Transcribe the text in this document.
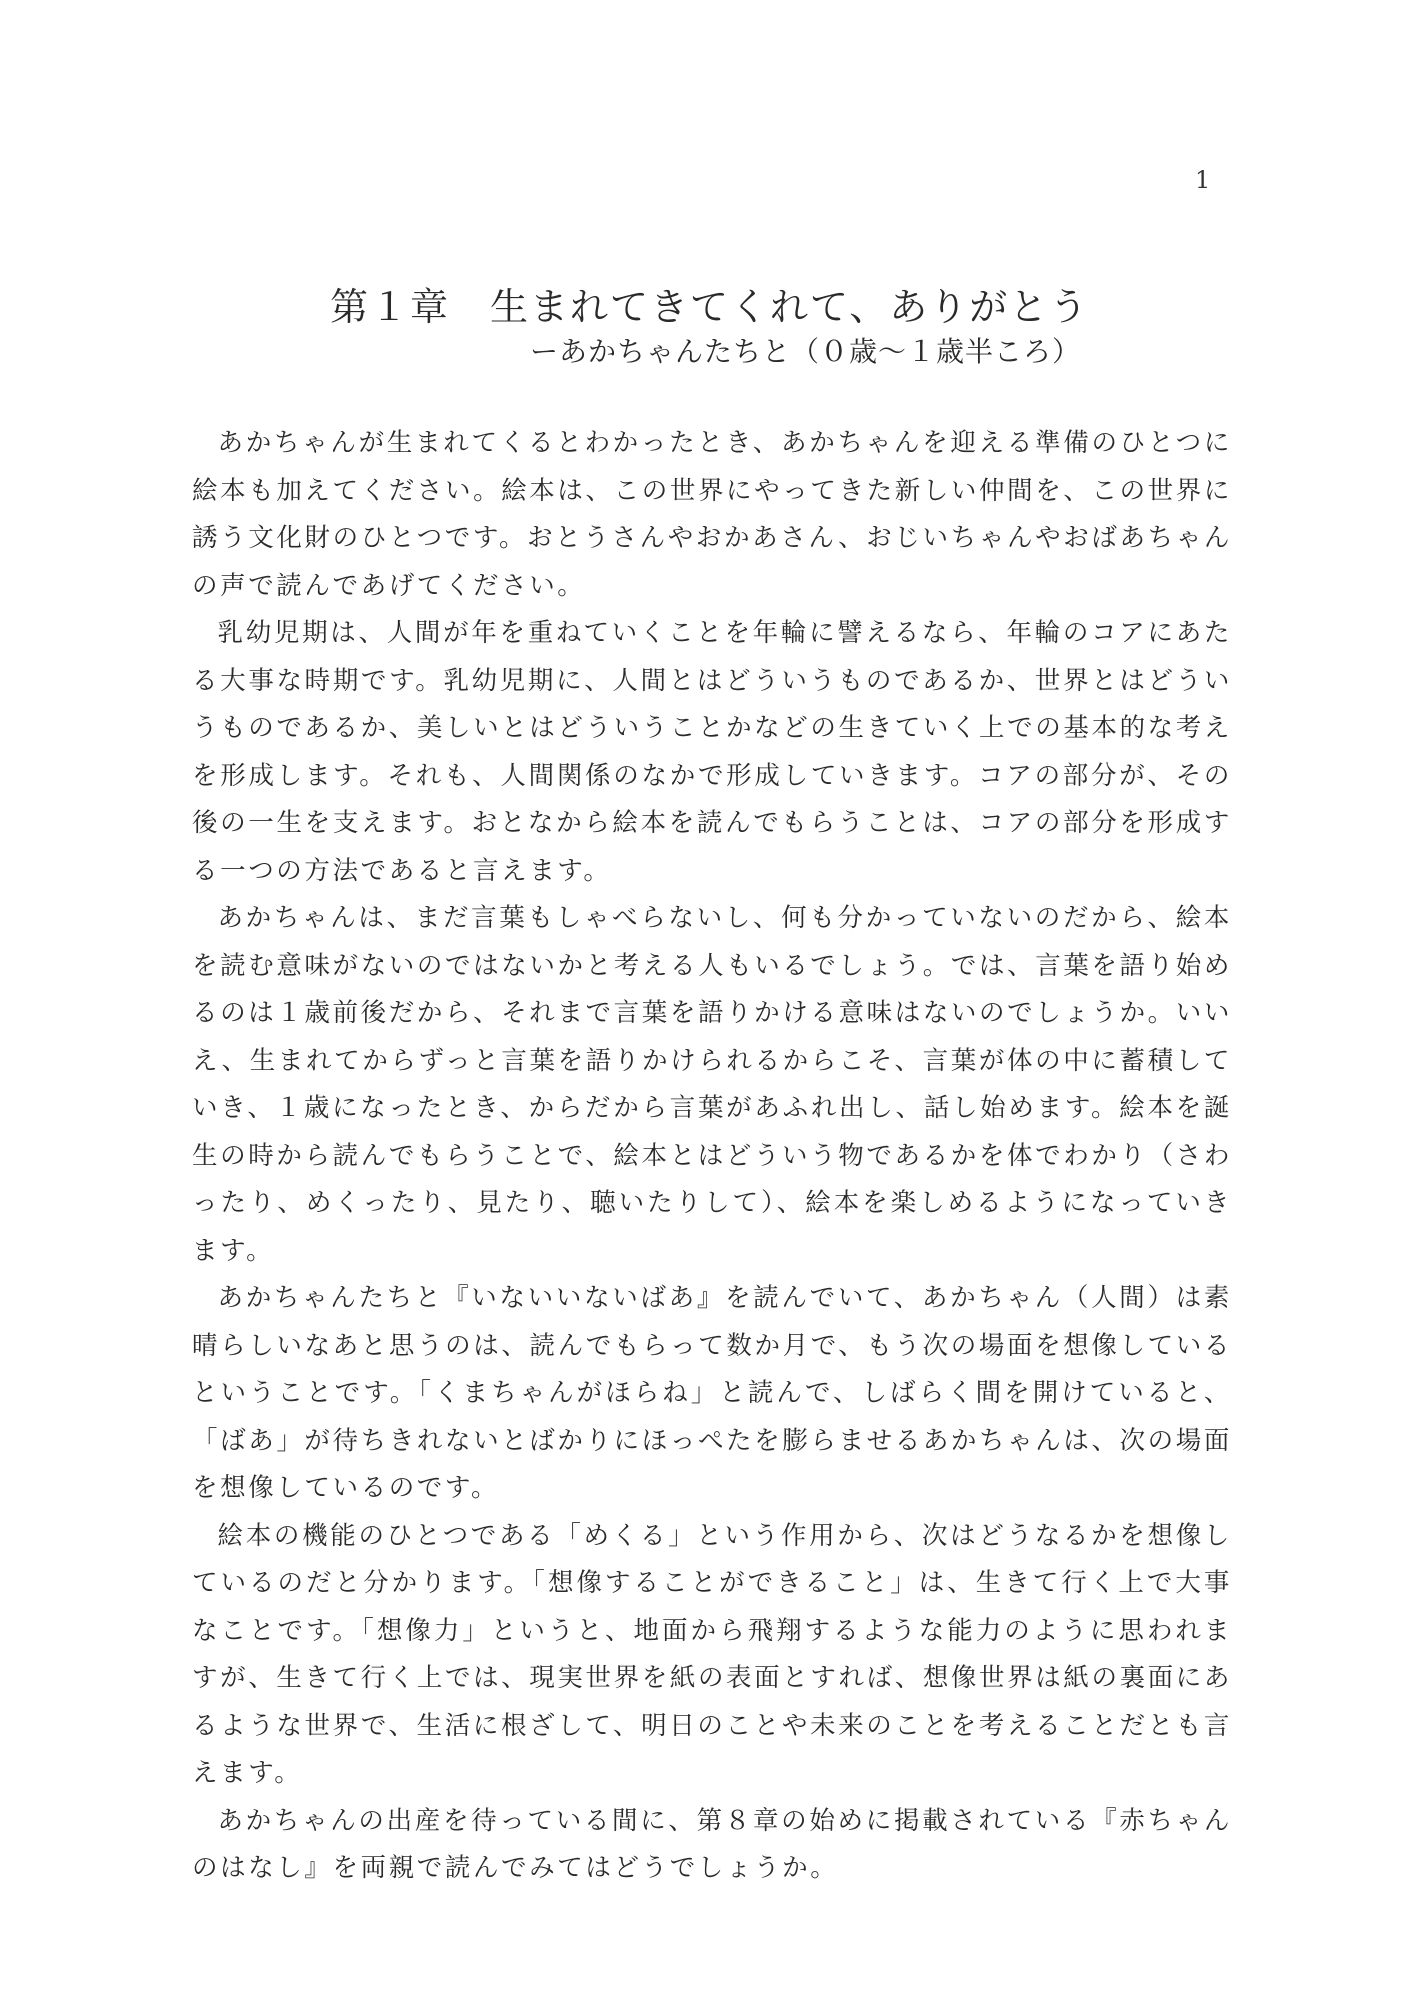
1
第１章　生まれてきてくれて、ありがとう
ーあかちゃんたちと（０歳～１歳半ころ）

あかちゃんが生まれてくるとわかったとき、あかちゃんを迎える準備のひとつに絵本も加えてください。絵本は、この世界にやってきた新しい仲間を、この世界に誘う文化財のひとつです。おとうさんやおかあさん、おじいちゃんやおばあちゃんの声で読んであげてください。

乳幼児期は、人間が年を重ねていくことを年輪に譬えるなら、年輪のコアにあたる大事な時期です。乳幼児期に、人間とはどういうものであるか、世界とはどういうものであるか、美しいとはどういうことかなどの生きていく上での基本的な考えを形成します。それも、人間関係のなかで形成していきます。コアの部分が、その後の一生を支えます。おとなから絵本を読んでもらうことは、コアの部分を形成する一つの方法であると言えます。

あかちゃんは、まだ言葉もしゃべらないし、何も分かっていないのだから、絵本を読む意味がないのではないかと考える人もいるでしょう。では、言葉を語り始めるのは１歳前後だから、それまで言葉を語りかける意味はないのでしょうか。いいえ、生まれてからずっと言葉を語りかけられるからこそ、言葉が体の中に蓄積していき、１歳になったとき、からだから言葉があふれ出し、話し始めます。絵本を誕生の時から読んでもらうことで、絵本とはどういう物であるかを体でわかり（さわったり、めくったり、見たり、聴いたりして）、絵本を楽しめるようになっていきます。

あかちゃんたちと『いないいないばあ』を読んでいて、あかちゃん（人間）は素晴らしいなあと思うのは、読んでもらって数か月で、もう次の場面を想像しているということです。「くまちゃんがほらね」と読んで、しばらく間を開けていると、「ばあ」が待ちきれないとばかりにほっぺたを膨らませるあかちゃんは、次の場面を想像しているのです。

絵本の機能のひとつである「めくる」という作用から、次はどうなるかを想像しているのだと分かります。「想像することができること」は、生きて行く上で大事なことです。「想像力」というと、地面から飛翔するような能力のように思われますが、生きて行く上では、現実世界を紙の表面とすれば、想像世界は紙の裏面にあるような世界で、生活に根ざして、明日のことや未来のことを考えることだとも言えます。

あかちゃんの出産を待っている間に、第８章の始めに掲載されている『赤ちゃんのはなし』を両親で読んでみてはどうでしょうか。
